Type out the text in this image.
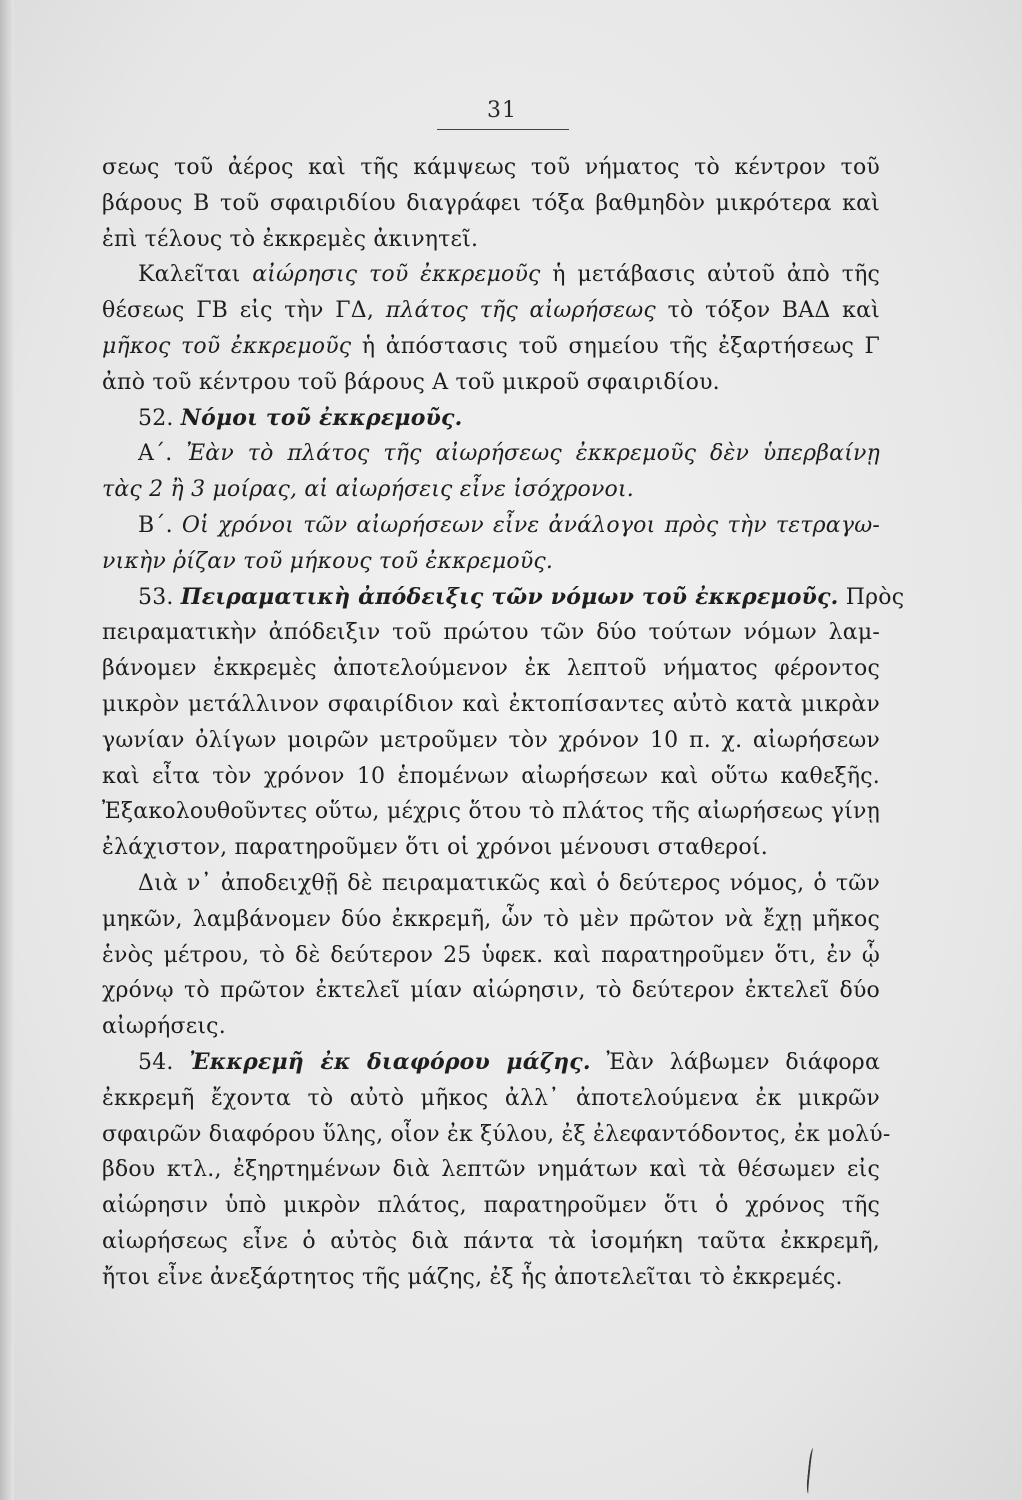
31
σεως τοῦ ἀέρος καὶ τῆς κάμψεως τοῦ νήματος τὸ κέντρον τοῦ
βάρους Β τοῦ σφαιριδίου διαγράφει τόξα βαθμηδὸν μικρότερα καὶ
ἐπὶ τέλους τὸ ἐκκρεμὲς ἀκινητεῖ.
Καλεῖται αἰώρησις τοῦ ἐκκρεμοῦς ἡ μετάβασις αὐτοῦ ἀπὸ τῆς
θέσεως ΓΒ εἰς τὴν ΓΔ, πλάτος τῆς αἰωρήσεως τὸ τόξον ΒΑΔ καὶ
μῆκος τοῦ ἐκκρεμοῦς ἡ ἀπόστασις τοῦ σημείου τῆς ἐξαρτήσεως Γ
ἀπὸ τοῦ κέντρου τοῦ βάρους Α τοῦ μικροῦ σφαιριδίου.
52. Νόμοι τοῦ ἐκκρεμοῦς.
Α΄. Ἐὰν τὸ πλάτος τῆς αἰωρήσεως ἐκκρεμοῦς δὲν ὑπερβαίνῃ
τὰς 2 ἢ 3 μοίρας, αἱ αἰωρήσεις εἶνε ἰσόχρονοι.
Β΄. Οἱ χρόνοι τῶν αἰωρήσεων εἶνε ἀνάλογοι πρὸς τὴν τετραγω-
νικὴν ῥίζαν τοῦ μήκους τοῦ ἐκκρεμοῦς.
53. Πειραματικὴ ἀπόδειξις τῶν νόμων τοῦ ἐκκρεμοῦς. Πρὸς
πειραματικὴν ἀπόδειξιν τοῦ πρώτου τῶν δύο τούτων νόμων λαμ-
βάνομεν ἐκκρεμὲς ἀποτελούμενον ἐκ λεπτοῦ νήματος φέροντος
μικρὸν μετάλλινον σφαιρίδιον καὶ ἐκτοπίσαντες αὐτὸ κατὰ μικρὰν
γωνίαν ὀλίγων μοιρῶν μετροῦμεν τὸν χρόνον 10 π. χ. αἰωρήσεων
καὶ εἶτα τὸν χρόνον 10 ἑπομένων αἰωρήσεων καὶ οὕτω καθεξῆς.
Ἐξακολουθοῦντες οὕτω, μέχρις ὅτου τὸ πλάτος τῆς αἰωρήσεως γίνῃ
ἐλάχιστον, παρατηροῦμεν ὅτι οἱ χρόνοι μένουσι σταθεροί.
Διὰ ν᾽ ἀποδειχθῇ δὲ πειραματικῶς καὶ ὁ δεύτερος νόμος, ὁ τῶν
μηκῶν, λαμβάνομεν δύο ἐκκρεμῆ, ὧν τὸ μὲν πρῶτον νὰ ἔχῃ μῆκος
ἑνὸς μέτρου, τὸ δὲ δεύτερον 25 ὑφεκ. καὶ παρατηροῦμεν ὅτι, ἐν ᾧ
χρόνῳ τὸ πρῶτον ἐκτελεῖ μίαν αἰώρησιν, τὸ δεύτερον ἐκτελεῖ δύο
αἰωρήσεις.
54. Ἐκκρεμῆ ἐκ διαφόρου μάζης. Ἐὰν λάβωμεν διάφορα
ἐκκρεμῆ ἔχοντα τὸ αὐτὸ μῆκος ἀλλ᾽ ἀποτελούμενα ἐκ μικρῶν
σφαιρῶν διαφόρου ὕλης, οἷον ἐκ ξύλου, ἐξ ἐλεφαντόδοντος, ἐκ μολύ-
βδου κτλ., ἐξηρτημένων διὰ λεπτῶν νημάτων καὶ τὰ θέσωμεν εἰς
αἰώρησιν ὑπὸ μικρὸν πλάτος, παρατηροῦμεν ὅτι ὁ χρόνος τῆς
αἰωρήσεως εἶνε ὁ αὐτὸς διὰ πάντα τὰ ἰσομήκη ταῦτα ἐκκρεμῆ,
ἤτοι εἶνε ἀνεξάρτητος τῆς μάζης, ἐξ ἧς ἀποτελεῖται τὸ ἐκκρεμές.
